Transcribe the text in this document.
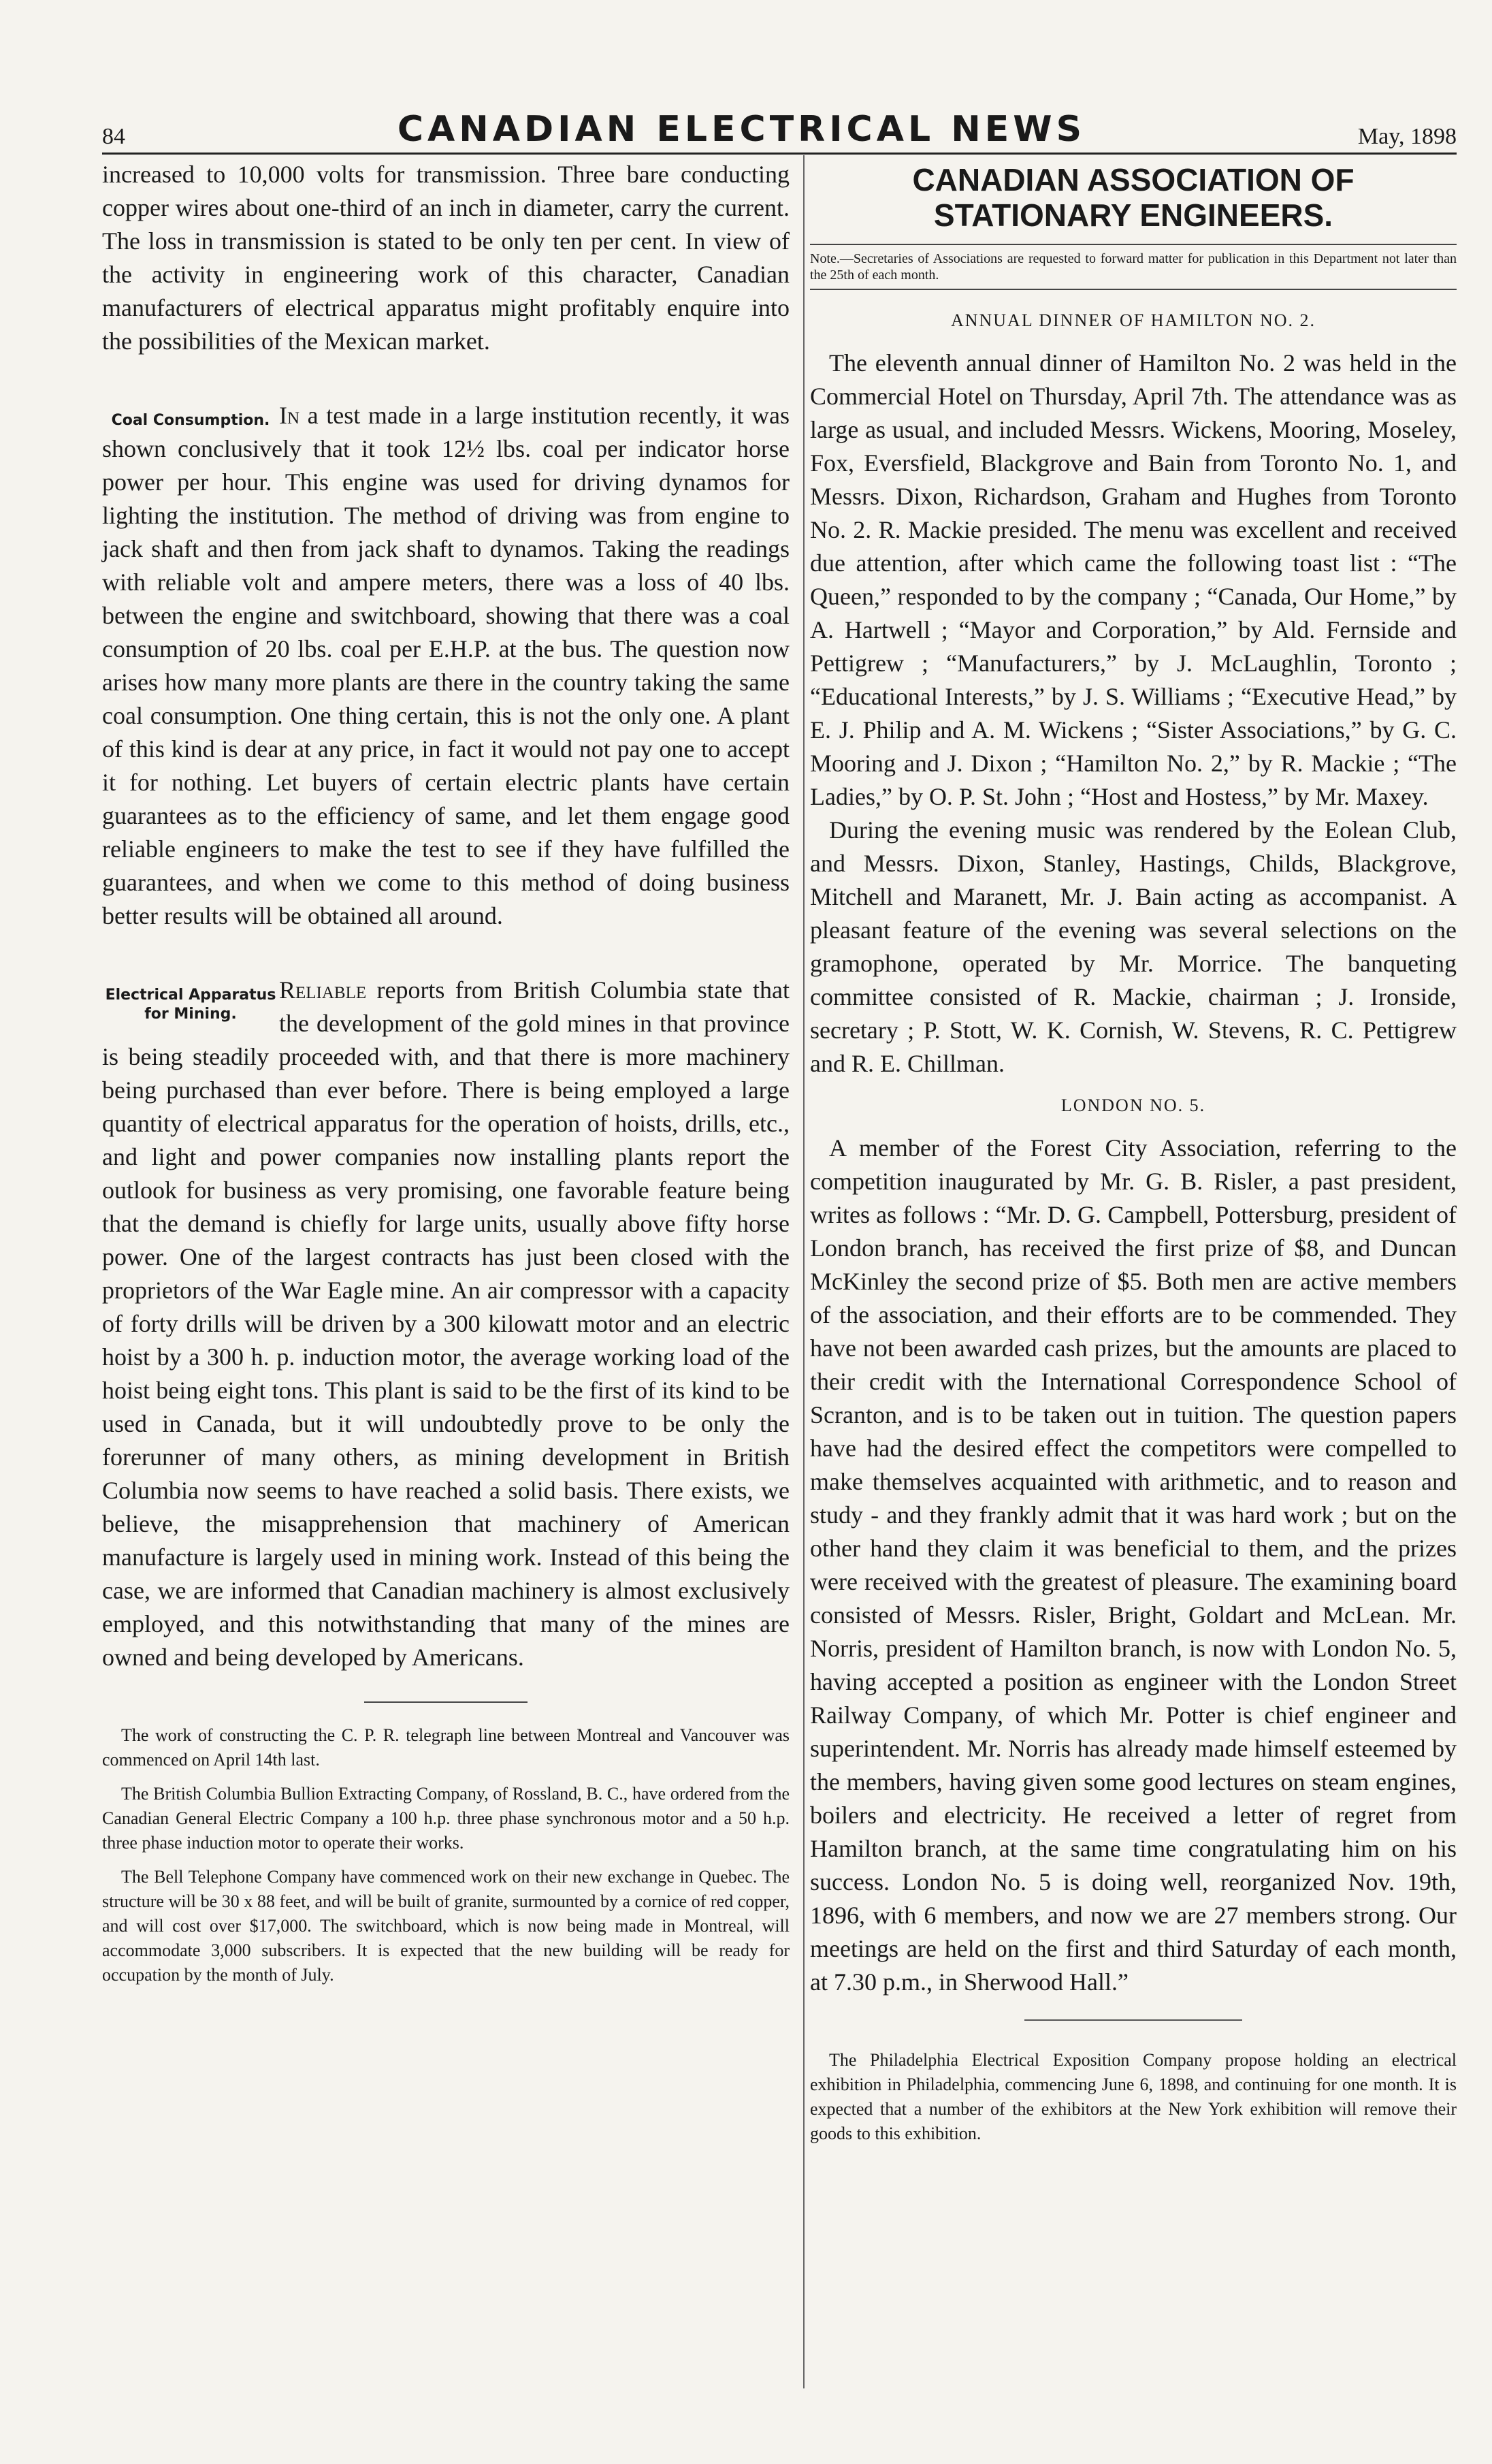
84	CANADIAN ELECTRICAL NEWS	May, 1898

increased to 10,000 volts for transmission. Three bare conducting copper wires about one-third of an inch in diameter, carry the current. The loss in transmission is stated to be only ten per cent. In view of the activity in engineering work of this character, Canadian manufacturers of electrical apparatus might profitably enquire into the possibilities of the Mexican market.

Coal Consumption. In a test made in a large institution recently, it was shown conclusively that it took 12½ lbs. coal per indicator horse power per hour. This engine was used for driving dynamos for lighting the institution. The method of driving was from engine to jack shaft and then from jack shaft to dynamos. Taking the readings with reliable volt and ampere meters, there was a loss of 40 lbs. between the engine and switchboard, showing that there was a coal consumption of 20 lbs. coal per E.H.P. at the bus. The question now arises how many more plants are there in the country taking the same coal consumption. One thing certain, this is not the only one. A plant of this kind is dear at any price, in fact it would not pay one to accept it for nothing. Let buyers of certain electric plants have certain guarantees as to the efficiency of same, and let them engage good reliable engineers to make the test to see if they have fulfilled the guarantees, and when we come to this method of doing business better results will be obtained all around.

Electrical Apparatus for Mining.

Reliable reports from British Columbia state that the development of the gold mines in that province is being steadily proceeded with, and that there is more machinery being purchased than ever before. There is being employed a large quantity of electrical apparatus for the operation of hoists, drills, etc., and light and power companies now installing plants report the outlook for business as very promising, one favorable feature being that the demand is chiefly for large units, usually above fifty horse power. One of the largest contracts has just been closed with the proprietors of the War Eagle mine. An air compressor with a capacity of forty drills will be driven by a 300 kilowatt motor and an electric hoist by a 300 h. p. induction motor, the average working load of the hoist being eight tons. This plant is said to be the first of its kind to be used in Canada, but it will undoubtedly prove to be only the forerunner of many others, as mining development in British Columbia now seems to have reached a solid basis. There exists, we believe, the misapprehension that machinery of American manufacture is largely used in mining work. Instead of this being the case, we are informed that Canadian machinery is almost exclusively employed, and this notwithstanding that many of the mines are owned and being developed by Americans.

The work of constructing the C. P. R. telegraph line between Montreal and Vancouver was commenced on April 14th last.

The British Columbia Bullion Extracting Company, of Rossland, B. C., have ordered from the Canadian General Electric Company a 100 h.p. three phase synchronous motor and a 50 h.p. three phase induction motor to operate their works.

The Bell Telephone Company have commenced work on their new exchange in Quebec. The structure will be 30 x 88 feet, and will be built of granite, surmounted by a cornice of red copper, and will cost over $17,000. The switchboard, which is now being made in Montreal, will accommodate 3,000 subscribers. It is expected that the new building will be ready for occupation by the month of July.

CANADIAN ASSOCIATION OF STATIONARY ENGINEERS.
Note.—Secretaries of Associations are requested to forward matter for publication in this Department not later than the 25th of each month.
ANNUAL DINNER OF HAMILTON NO. 2.

The eleventh annual dinner of Hamilton No. 2 was held in the Commercial Hotel on Thursday, April 7th. The attendance was as large as usual, and included Messrs. Wickens, Mooring, Moseley, Fox, Eversfield, Blackgrove and Bain from Toronto No. 1, and Messrs. Dixon, Richardson, Graham and Hughes from Toronto No. 2. R. Mackie presided. The menu was excellent and received due attention, after which came the following toast list : “The Queen,” responded to by the company ; “Canada, Our Home,” by A. Hartwell ; “Mayor and Corporation,” by Ald. Fernside and Pettigrew ; “Manufacturers,” by J. McLaughlin, Toronto ; “Educational Interests,” by J. S. Williams ; “Executive Head,” by E. J. Philip and A. M. Wickens ; “Sister Associations,” by G. C. Mooring and J. Dixon ; “Hamilton No. 2,” by R. Mackie ; “The Ladies,” by O. P. St. John ; “Host and Hostess,” by Mr. Maxey.

During the evening music was rendered by the Eolean Club, and Messrs. Dixon, Stanley, Hastings, Childs, Blackgrove, Mitchell and Maranett, Mr. J. Bain acting as accompanist. A pleasant feature of the evening was several selections on the gramophone, operated by Mr. Morrice. The banqueting committee consisted of R. Mackie, chairman ; J. Ironside, secretary ; P. Stott, W. K. Cornish, W. Stevens, R. C. Pettigrew and R. E. Chillman.

LONDON NO. 5.

A member of the Forest City Association, referring to the competition inaugurated by Mr. G. B. Risler, a past president, writes as follows : “Mr. D. G. Campbell, Pottersburg, president of London branch, has received the first prize of $8, and Duncan McKinley the second prize of $5. Both men are active members of the association, and their efforts are to be commended. They have not been awarded cash prizes, but the amounts are placed to their credit with the International Correspondence School of Scranton, and is to be taken out in tuition. The question papers have had the desired effect the competitors were compelled to make themselves acquainted with arithmetic, and to reason and study - and they frankly admit that it was hard work ; but on the other hand they claim it was beneficial to them, and the prizes were received with the greatest of pleasure. The examining board consisted of Messrs. Risler, Bright, Goldart and McLean. Mr. Norris, president of Hamilton branch, is now with London No. 5, having accepted a position as engineer with the London Street Railway Company, of which Mr. Potter is chief engineer and superintendent. Mr. Norris has already made himself esteemed by the members, having given some good lectures on steam engines, boilers and electricity. He received a letter of regret from Hamilton branch, at the same time congratulating him on his success. London No. 5 is doing well, reorganized Nov. 19th, 1896, with 6 members, and now we are 27 members strong. Our meetings are held on the first and third Saturday of each month, at 7.30 p.m., in Sherwood Hall.”

The Philadelphia Electrical Exposition Company propose holding an electrical exhibition in Philadelphia, commencing June 6, 1898, and continuing for one month. It is expected that a number of the exhibitors at the New York exhibition will remove their goods to this exhibition.
